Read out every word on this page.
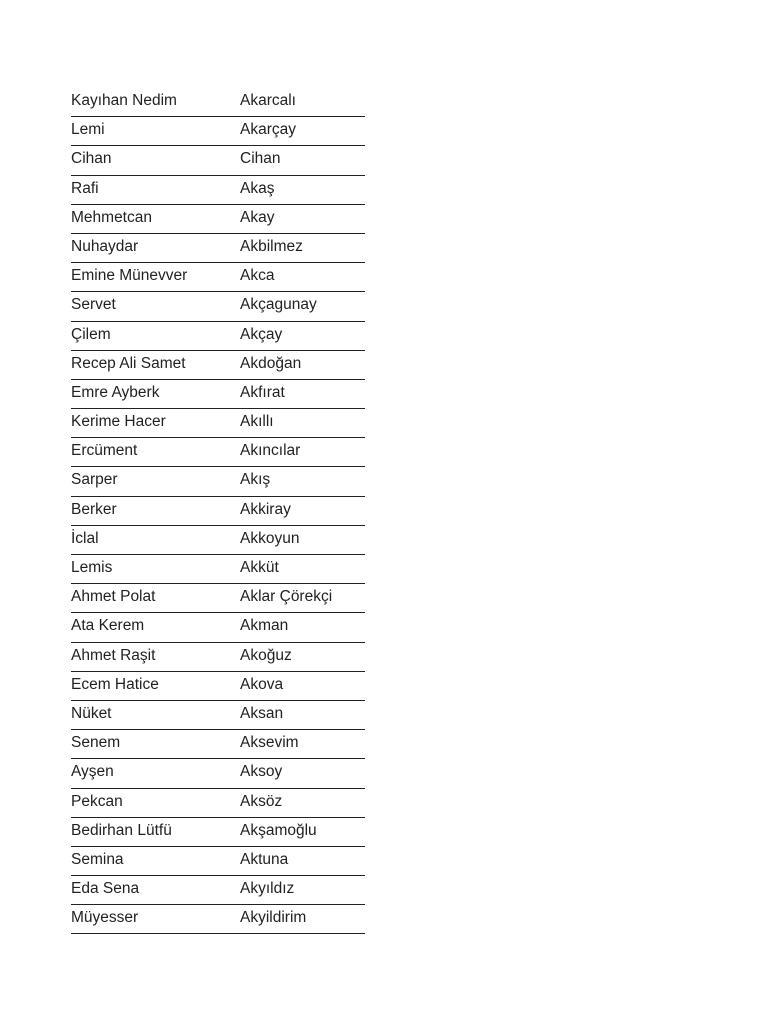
Kayıhan Nedim	Akarcalı
Lemi	Akarçay
Cihan	Cihan
Rafi	Akaş
Mehmetcan	Akay
Nuhaydar	Akbilmez
Emine Münevver	Akca
Servet	Akçagunay
Çilem	Akçay
Recep Ali Samet	Akdoğan
Emre Ayberk	Akfırat
Kerime Hacer	Akıllı
Ercüment	Akıncılar
Sarper	Akış
Berker	Akkiray
İclal	Akkoyun
Lemis	Akküt
Ahmet Polat	Aklar Çörekçi
Ata Kerem	Akman
Ahmet Raşit	Akoğuz
Ecem Hatice	Akova
Nüket	Aksan
Senem	Aksevim
Ayşen	Aksoy
Pekcan	Aksöz
Bedirhan Lütfü	Akşamoğlu
Semina	Aktuna
Eda Sena	Akyıldız
Müyesser	Akyildirim
